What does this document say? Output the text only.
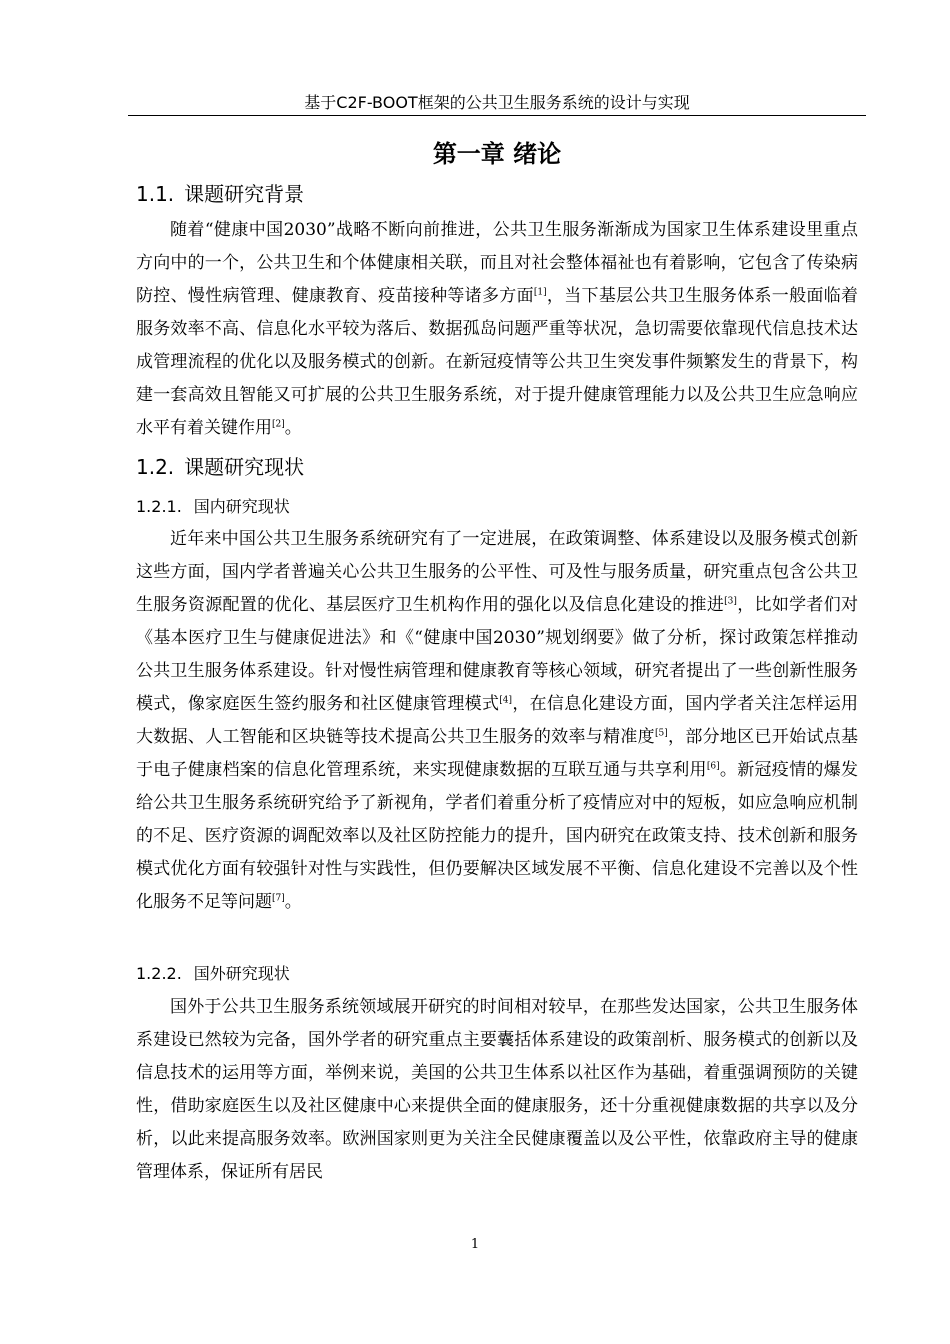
基于C2F-BOOT框架的公共卫生服务系统的设计与实现
第一章 绪论
1.1. 课题研究背景

随着“健康中国2030”战略不断向前推进，公共卫生服务渐渐成为国家卫生体系建设里重点方向中的一个，公共卫生和个体健康相关联，而且对社会整体福祉也有着影响，它包含了传染病防控、慢性病管理、健康教育、疫苗接种等诸多方面[1]，当下基层公共卫生服务体系一般面临着服务效率不高、信息化水平较为落后、数据孤岛问题严重等状况，急切需要依靠现代信息技术达成管理流程的优化以及服务模式的创新。在新冠疫情等公共卫生突发事件频繁发生的背景下，构建一套高效且智能又可扩展的公共卫生服务系统，对于提升健康管理能力以及公共卫生应急响应水平有着关键作用[2]。

1.2. 课题研究现状
1.2.1. 国内研究现状

近年来中国公共卫生服务系统研究有了一定进展，在政策调整、体系建设以及服务模式创新这些方面，国内学者普遍关心公共卫生服务的公平性、可及性与服务质量，研究重点包含公共卫生服务资源配置的优化、基层医疗卫生机构作用的强化以及信息化建设的推进[3]，比如学者们对《基本医疗卫生与健康促进法》和《“健康中国2030”规划纲要》做了分析，探讨政策怎样推动公共卫生服务体系建设。针对慢性病管理和健康教育等核心领域，研究者提出了一些创新性服务模式，像家庭医生签约服务和社区健康管理模式[4]，在信息化建设方面，国内学者关注怎样运用大数据、人工智能和区块链等技术提高公共卫生服务的效率与精准度[5]，部分地区已开始试点基于电子健康档案的信息化管理系统，来实现健康数据的互联互通与共享利用[6]。新冠疫情的爆发给公共卫生服务系统研究给予了新视角，学者们着重分析了疫情应对中的短板，如应急响应机制的不足、医疗资源的调配效率以及社区防控能力的提升，国内研究在政策支持、技术创新和服务模式优化方面有较强针对性与实践性，但仍要解决区域发展不平衡、信息化建设不完善以及个性化服务不足等问题[7]。

1.2.2. 国外研究现状

国外于公共卫生服务系统领域展开研究的时间相对较早，在那些发达国家，公共卫生服务体系建设已然较为完备，国外学者的研究重点主要囊括体系建设的政策剖析、服务模式的创新以及信息技术的运用等方面，举例来说，美国的公共卫生体系以社区作为基础，着重强调预防的关键性，借助家庭医生以及社区健康中心来提供全面的健康服务，还十分重视健康数据的共享以及分析，以此来提高服务效率。欧洲国家则更为关注全民健康覆盖以及公平性，依靠政府主导的健康管理体系，保证所有居民

1
